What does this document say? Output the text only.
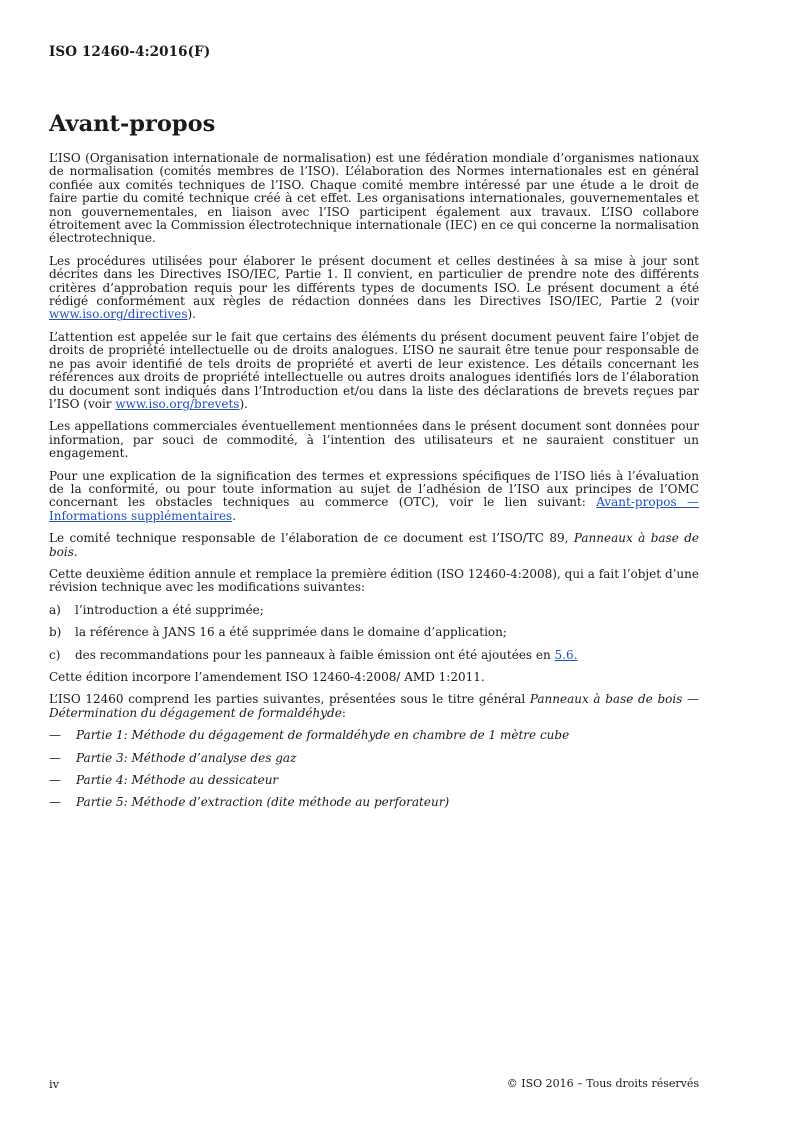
ISO 12460-4:2016(F)
Avant-propos

L’ISO (Organisation internationale de normalisation) est une fédération mondiale d’organismes nationaux de normalisation (comités membres de l’ISO). L’élaboration des Normes internationales est en général confiée aux comités techniques de l’ISO. Chaque comité membre intéressé par une étude a le droit de faire partie du comité technique créé à cet effet. Les organisations internationales, gouvernementales et non gouvernementales, en liaison avec l’ISO participent également aux travaux. L’ISO collabore étroitement avec la Commission électrotechnique internationale (IEC) en ce qui concerne la normalisation électrotechnique.

Les procédures utilisées pour élaborer le présent document et celles destinées à sa mise à jour sont décrites dans les Directives ISO/IEC, Partie 1. Il convient, en particulier de prendre note des différents critères d’approbation requis pour les différents types de documents ISO. Le présent document a été rédigé conformément aux règles de rédaction données dans les Directives ISO/IEC, Partie 2 (voir www.iso.org/directives).

L’attention est appelée sur le fait que certains des éléments du présent document peuvent faire l’objet de droits de propriété intellectuelle ou de droits analogues. L’ISO ne saurait être tenue pour responsable de ne pas avoir identifié de tels droits de propriété et averti de leur existence. Les détails concernant les références aux droits de propriété intellectuelle ou autres droits analogues identifiés lors de l’élaboration du document sont indiqués dans l’Introduction et/ou dans la liste des déclarations de brevets reçues par l’ISO (voir www.iso.org/brevets).

Les appellations commerciales éventuellement mentionnées dans le présent document sont données pour information, par souci de commodité, à l’intention des utilisateurs et ne sauraient constituer un engagement.

Pour une explication de la signification des termes et expressions spécifiques de l’ISO liés à l’évaluation de la conformité, ou pour toute information au sujet de l’adhésion de l’ISO aux principes de l’OMC concernant les obstacles techniques au commerce (OTC), voir le lien suivant: Avant-propos — Informations supplémentaires.

Le comité technique responsable de l’élaboration de ce document est l’ISO/TC 89, Panneaux à base de bois.

Cette deuxième édition annule et remplace la première édition (ISO 12460-4:2008), qui a fait l’objet d’une révision technique avec les modifications suivantes:

a)	l’introduction a été supprimée;
b)	la référence à JANS 16 a été supprimée dans le domaine d’application;
c)	des recommandations pour les panneaux à faible émission ont été ajoutées en 5.6.

Cette édition incorpore l’amendement ISO 12460-4:2008/ AMD 1:2011.

L’ISO 12460 comprend les parties suivantes, présentées sous le titre général Panneaux à base de bois — Détermination du dégagement de formaldéhyde:

—	Partie 1: Méthode du dégagement de formaldéhyde en chambre de 1 mètre cube
—	Partie 3: Méthode d’analyse des gaz
—	Partie 4: Méthode au dessicateur
—	Partie 5: Méthode d’extraction (dite méthode au perforateur)
iv	© ISO 2016 – Tous droits réservés
